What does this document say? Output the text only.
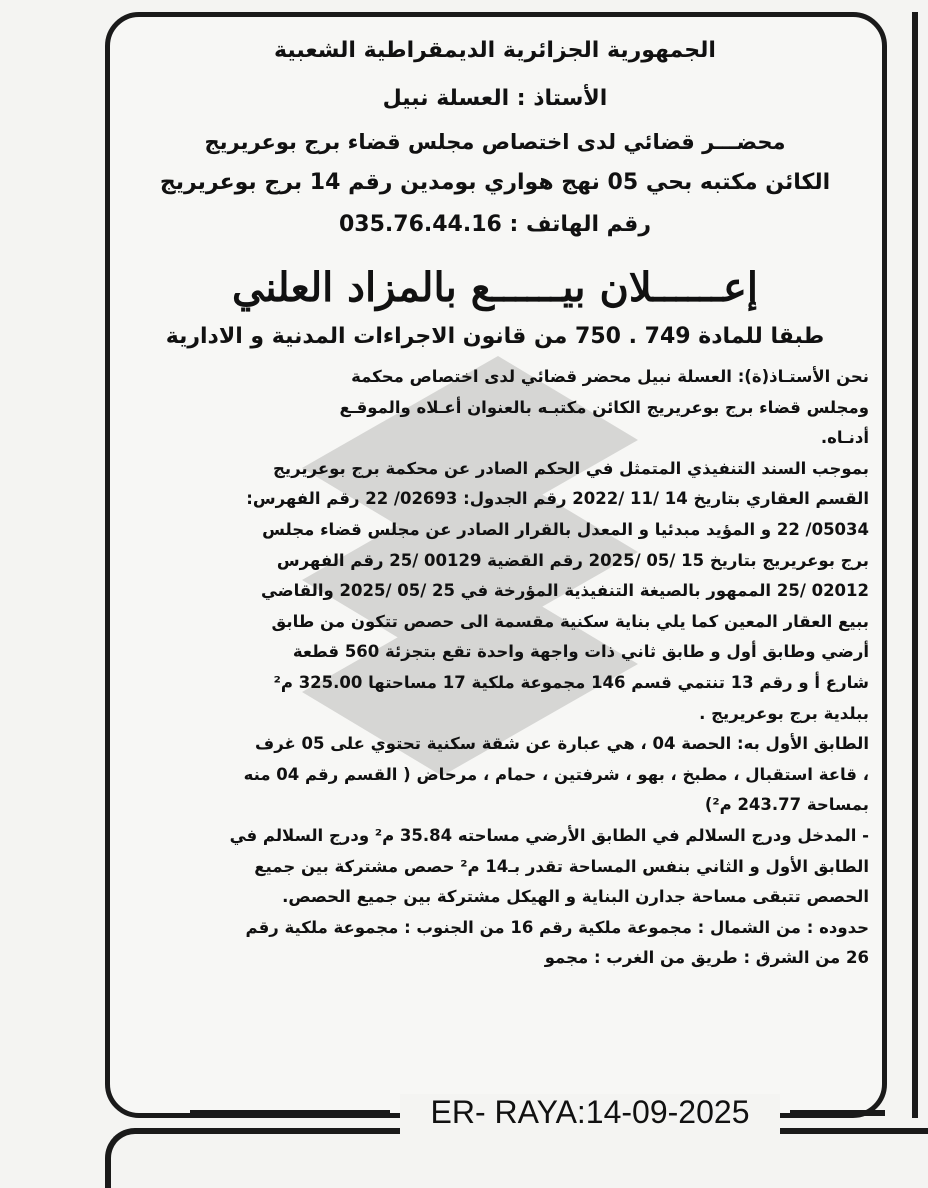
الجمهورية الجزائرية الديمقراطية الشعبية
الأستاذ : العسلة نبيل
محضـــر قضائي لدى اختصاص مجلس قضاء برج بوعريريج
الكائن مكتبه بحي 05 نهج هواري بومدين رقم 14 برج بوعريريج
رقم الهاتف : 035.76.44.16
إعــــــلان بيــــــع بالمزاد العلني
طبقا للمادة 749 . 750 من قانون الاجراءات المدنية و الادارية

نحن الأستـاذ(ة): العسلة نبيل محضر قضائي لدى اختصاص محكمة
ومجلس قضاء برج بوعريريج الكائن مكتبـه بالعنوان أعـلاه والموقـع
أدنـاه.

بموجب السند التنفيذي المتمثل في الحكم الصادر عن محكمة برج بوعريريج
القسم العقاري بتاريخ 14 /11 /2022 رقم الجدول: 02693/ 22 رقم الفهرس:
05034/ 22 و المؤيد مبدئيا و المعدل بالقرار الصادر عن مجلس قضاء مجلس
برج بوعريريج بتاريخ 15 /05 /2025 رقم القضية 00129 /25 رقم الفهرس
02012 /25 الممهور بالصيغة التنفيذية المؤرخة في 25 /05 /2025 والقاضي
ببيع العقار المعين كما يلي بناية سكنية مقسمة الى حصص تتكون من طابق
أرضي وطابق أول و طابق ثاني ذات واجهة واحدة تقع بتجزئة 560 قطعة
شارع أ و رقم 13 تنتمي قسم 146 مجموعة ملكية 17 مساحتها 325.00 م²
ببلدية برج بوعريريج .

الطابق الأول به: الحصة 04 ، هي عبارة عن شقة سكنية تحتوي على 05 غرف
، قاعة استقبال ، مطبخ ، بهو ، شرفتين ، حمام ، مرحاض ( القسم رقم 04 منه
بمساحة 243.77 م²)

- المدخل ودرج السلالم في الطابق الأرضي مساحته 35.84 م² ودرج السلالم في
الطابق الأول و الثاني بنفس المساحة تقدر بـ14 م² حصص مشتركة بين جميع
الحصص تتبقى مساحة جدارن البناية و الهيكل مشتركة بين جميع الحصص.

حدوده : من الشمال : مجموعة ملكية رقم 16 من الجنوب : مجموعة ملكية رقم
26 من الشرق : طريق من الغرب : مجمو

ER- RAYA:14-09-2025
